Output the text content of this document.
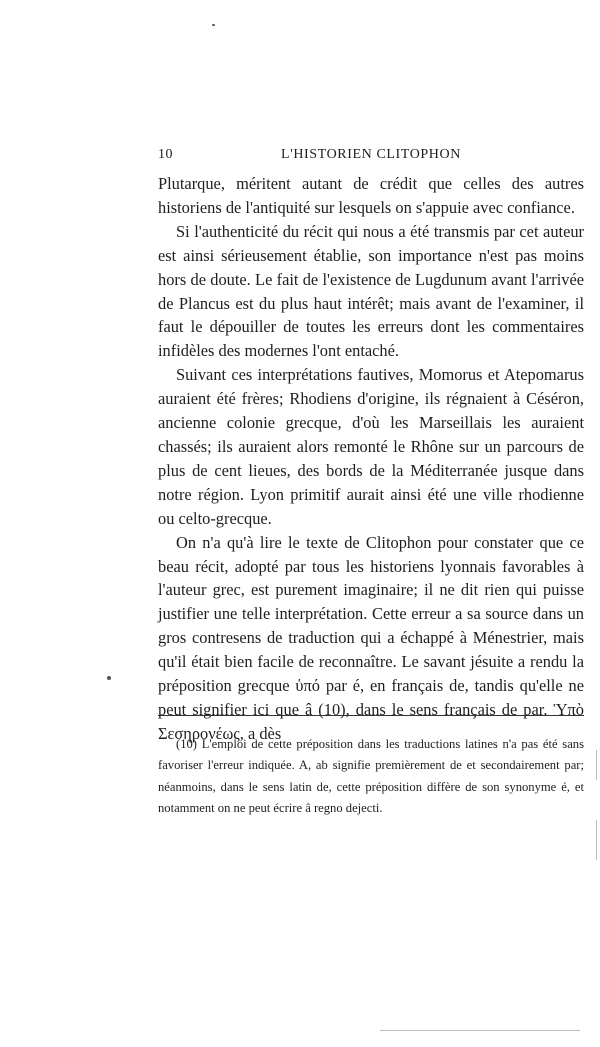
10	L'HISTORIEN CLITOPHON

Plutarque, méritent autant de crédit que celles des autres historiens de l'antiquité sur lesquels on s'appuie avec confiance.

Si l'authenticité du récit qui nous a été transmis par cet auteur est ainsi sérieusement établie, son importance n'est pas moins hors de doute. Le fait de l'existence de Lugdunum avant l'arrivée de Plancus est du plus haut intérêt; mais avant de l'examiner, il faut le dépouiller de toutes les erreurs dont les commentaires infidèles des modernes l'ont entaché.

Suivant ces interprétations fautives, Momorus et Atepomarus auraient été frères; Rhodiens d'origine, ils régnaient à Céséron, ancienne colonie grecque, d'où les Marseillais les auraient chassés; ils auraient alors remonté le Rhône sur un parcours de plus de cent lieues, des bords de la Méditerranée jusque dans notre région. Lyon primitif aurait ainsi été une ville rhodienne ou celto-grecque.

On n'a qu'à lire le texte de Clitophon pour constater que ce beau récit, adopté par tous les historiens lyonnais favorables à l'auteur grec, est purement imaginaire; il ne dit rien qui puisse justifier une telle interprétation. Cette erreur a sa source dans un gros contresens de traduction qui a échappé à Ménestrier, mais qu'il était bien facile de reconnaître. Le savant jésuite a rendu la préposition grecque ὑπό par é, en français de, tandis qu'elle ne peut signifier ici que â (10), dans le sens français de par. Ὑπὸ Σεσηρονέως, a dès

(10) L'emploi de cette préposition dans les traductions latines n'a pas été sans favoriser l'erreur indiquée. A, ab signifie premièrement de et secondairement par; néanmoins, dans le sens latin de, cette préposition diffère de son synonyme é, et notamment on ne peut écrire â regno dejecti.
